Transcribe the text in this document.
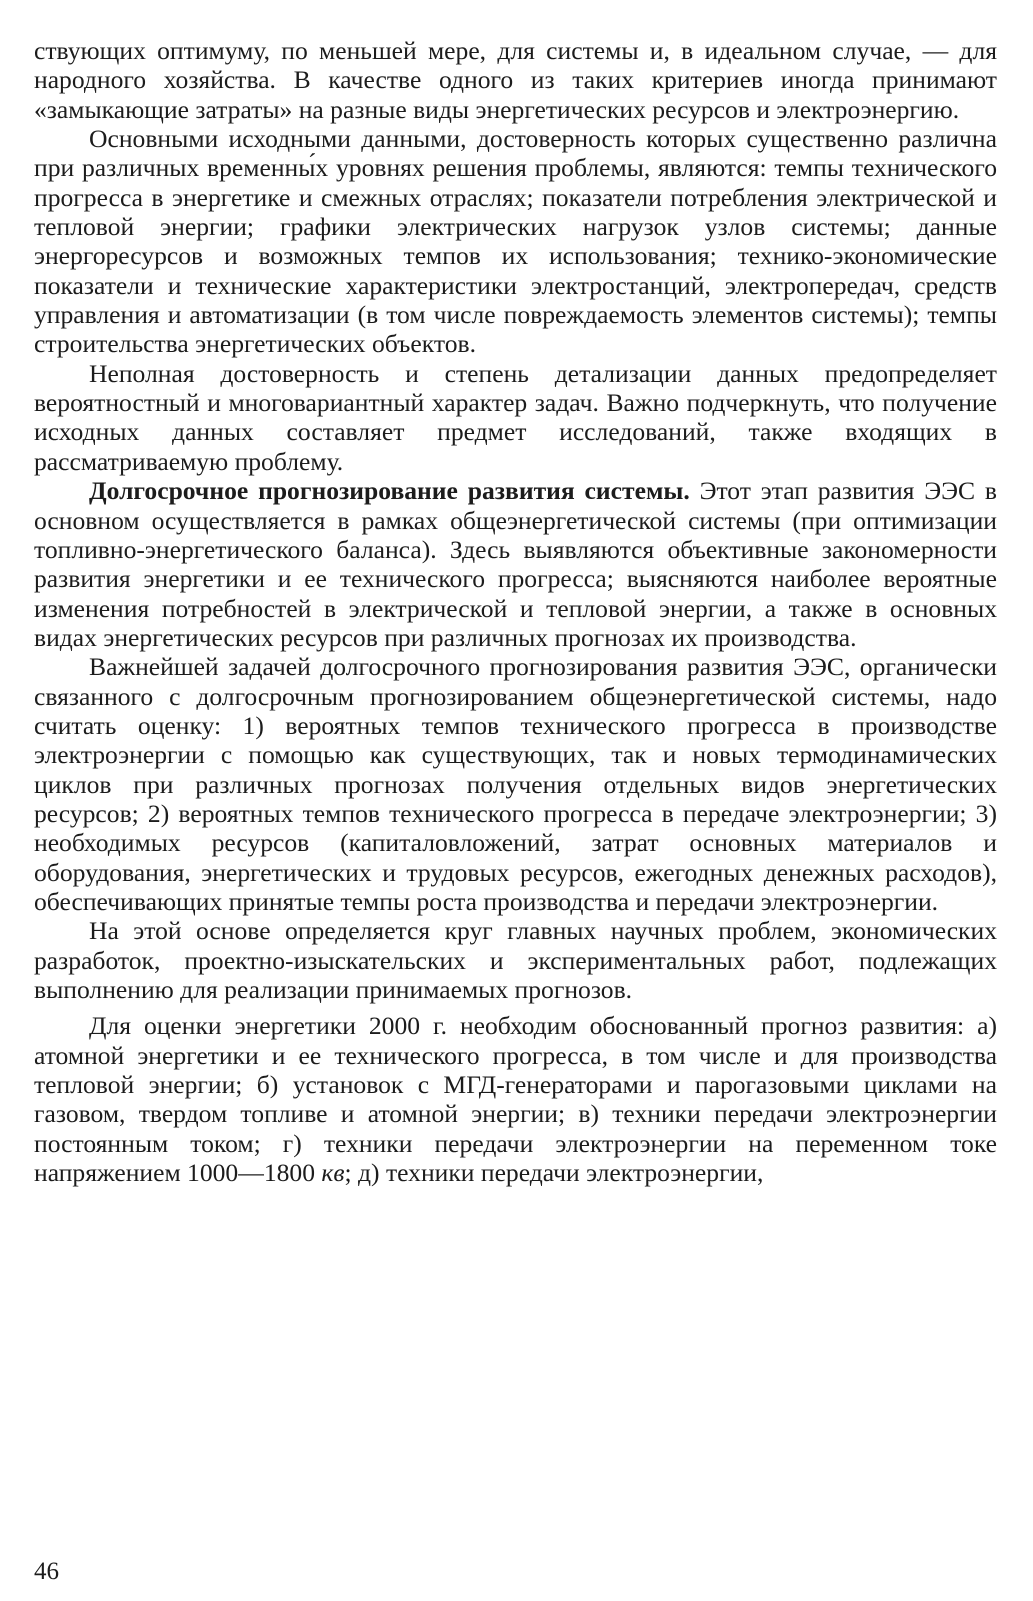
ствующих оптимуму, по меньшей мере, для системы и, в идеальном случае, — для народного хозяйства. В качестве одного из таких критериев иногда принимают «замыкающие затраты» на разные виды энергетических ресурсов и электроэнергию.

Основными исходными данными, достоверность которых существенно различна при различных временны́х уровнях решения проблемы, являются: темпы технического прогресса в энергетике и смежных отраслях; показатели потребления электрической и тепловой энергии; графики электрических нагрузок узлов системы; данные энергоресурсов и возможных темпов их использования; технико-экономические показатели и технические характеристики электростанций, электропередач, средств управления и автоматизации (в том числе повреждаемость элементов системы); темпы строительства энергетических объектов.

Неполная достоверность и степень детализации данных предопределяет вероятностный и многовариантный характер задач. Важно подчеркнуть, что получение исходных данных составляет предмет исследований, также входящих в рассматриваемую проблему.

Долгосрочное прогнозирование развития системы. Этот этап развития ЭЭС в основном осуществляется в рамках общеэнергетической системы (при оптимизации топливно-энергетического баланса). Здесь выявляются объективные закономерности развития энергетики и ее технического прогресса; выясняются наиболее вероятные изменения потребностей в электрической и тепловой энергии, а также в основных видах энергетических ресурсов при различных прогнозах их производства.

Важнейшей задачей долгосрочного прогнозирования развития ЭЭС, органически связанного с долгосрочным прогнозированием общеэнергетической системы, надо считать оценку: 1) вероятных темпов технического прогресса в производстве электроэнергии с помощью как существующих, так и новых термодинамических циклов при различных прогнозах получения отдельных видов энергетических ресурсов; 2) вероятных темпов технического прогресса в передаче электроэнергии; 3) необходимых ресурсов (капиталовложений, затрат основных материалов и оборудования, энергетических и трудовых ресурсов, ежегодных денежных расходов), обеспечивающих принятые темпы роста производства и передачи электроэнергии.

На этой основе определяется круг главных научных проблем, экономических разработок, проектно-изыскательских и экспериментальных работ, подлежащих выполнению для реализации принимаемых прогнозов.

Для оценки энергетики 2000 г. необходим обоснованный прогноз развития: а) атомной энергетики и ее технического прогресса, в том числе и для производства тепловой энергии; б) установок с МГД-генераторами и парогазовыми циклами на газовом, твердом топливе и атомной энергии; в) техники передачи электроэнергии постоянным током; г) техники передачи электроэнергии на переменном токе напряжением 1000—1800 кв; д) техники передачи электроэнергии,

46
